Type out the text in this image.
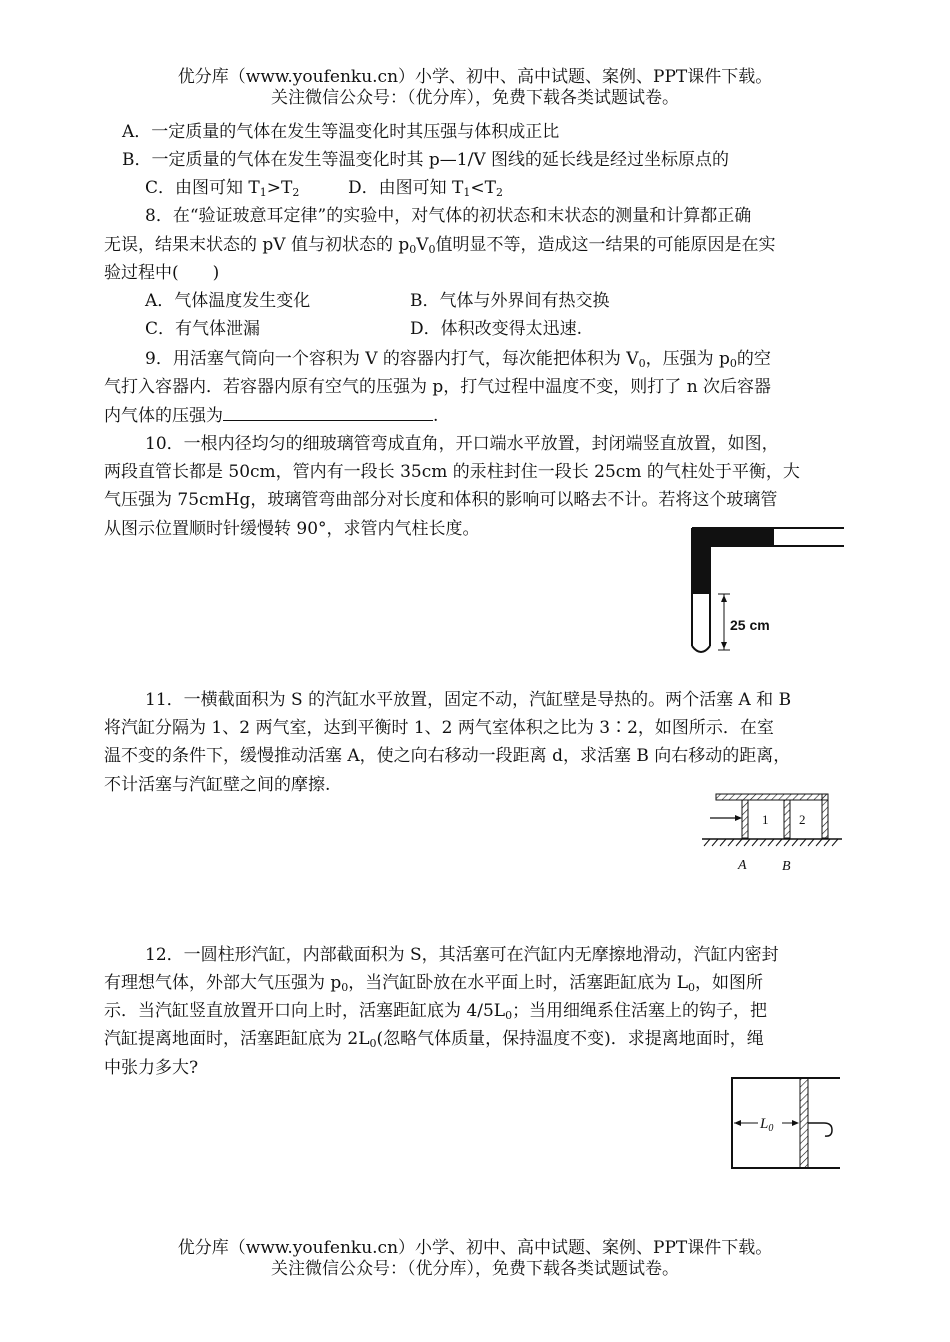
优分库（www.youfenku.cn）小学、初中、高中试题、案例、PPT课件下载。
关注微信公众号：（优分库），免费下载各类试题试卷。
A．一定质量的气体在发生等温变化时其压强与体积成正比
B．一定质量的气体在发生等温变化时其 p—1/V 图线的延长线是经过坐标原点的
C．由图可知 $T_1>T_2$	D．由图可知 $T_1<T_2$
8．在“验证玻意耳定律”的实验中，对气体的初状态和末状态的测量和计算都正确
无误，结果末状态的 pV 值与初状态的 $p_0V_0$值明显不等，造成这一结果的可能原因是在实
验过程中(　　)
A．气体温度发生变化	B．气体与外界间有热交换
C．有气体泄漏	D．体积改变得太迅速.
9．用活塞气筒向一个容积为 V 的容器内打气，每次能把体积为 $V_0$，压强为 $p_0$的空
气打入容器内．若容器内原有空气的压强为 p，打气过程中温度不变，则打了 n 次后容器
内气体的压强为	.
10．一根内径均匀的细玻璃管弯成直角，开口端水平放置，封闭端竖直放置，如图，
两段直管长都是 50cm，管内有一段长 35cm 的汞柱封住一段长 25cm 的气柱处于平衡，大
气压强为 75cmHg，玻璃管弯曲部分对长度和体积的影响可以略去不计。若将这个玻璃管
从图示位置顺时针缓慢转 90°，求管内气柱长度。
25 cm
11．一横截面积为 S 的汽缸水平放置，固定不动，汽缸壁是导热的。两个活塞 A 和 B
将汽缸分隔为 1、2 两气室，达到平衡时 1、2 两气室体积之比为 3∶2，如图所示．在室
温不变的条件下，缓慢推动活塞 A，使之向右移动一段距离 d，求活塞 B 向右移动的距离，
不计活塞与汽缸壁之间的摩擦.
1 2
A	B
12．一圆柱形汽缸，内部截面积为 S，其活塞可在汽缸内无摩擦地滑动，汽缸内密封
有理想气体，外部大气压强为 $p_0$，当汽缸卧放在水平面上时，活塞距缸底为 $L_0$，如图所
示．当汽缸竖直放置开口向上时，活塞距缸底为 $4/5L_0$；当用细绳系住活塞上的钩子，把
汽缸提离地面时，活塞距缸底为 $2L_0$(忽略气体质量，保持温度不变)．求提离地面时，绳
中张力多大?
$L_0$
优分库（www.youfenku.cn）小学、初中、高中试题、案例、PPT课件下载。
关注微信公众号：（优分库），免费下载各类试题试卷。
